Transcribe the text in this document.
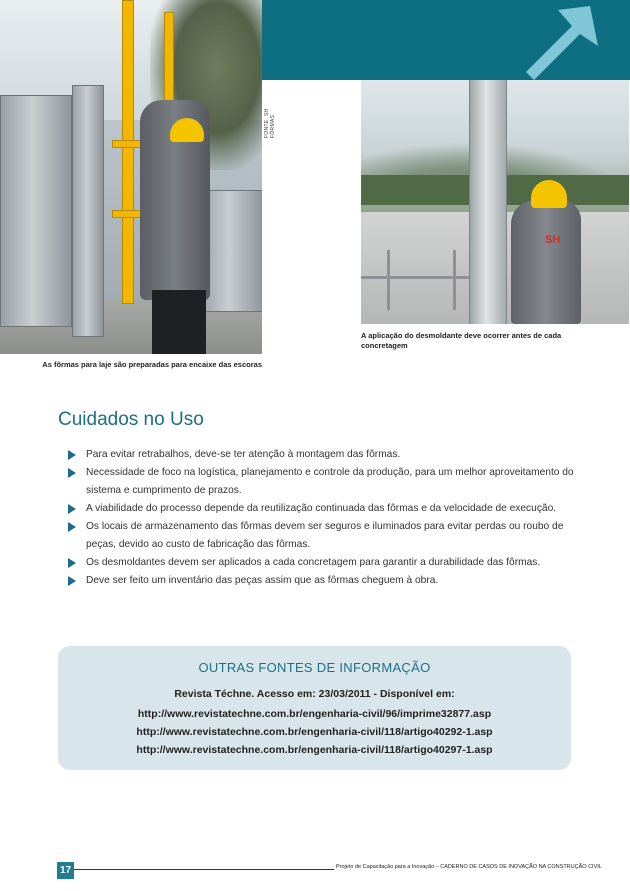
FONTE: SH FÔRMAS
SH
A aplicação do desmoldante deve ocorrer antes de cada concretagem
As fôrmas para laje são preparadas para encaixe das escoras
Cuidados no Uso
Para evitar retrabalhos, deve-se ter atenção à montagem das fôrmas.
Necessidade de foco na logística, planejamento e controle da produção, para um melhor aproveitamento do sistema e cumprimento de prazos.
A viabilidade do processo depende da reutilização continuada das fôrmas e da velocidade de execução.
Os locais de armazenamento das fôrmas devem ser seguros e iluminados para evitar perdas ou roubo de peças, devido ao custo de fabricação das fôrmas.
Os desmoldantes devem ser aplicados a cada concretagem para garantir a durabilidade das fôrmas.
Deve ser feito um inventário das peças assim que as fôrmas cheguem à obra.
OUTRAS FONTES DE INFORMAÇÃO
Revista Téchne. Acesso em: 23/03/2011 - Disponível em:
http://www.revistatechne.com.br/engenharia-civil/96/imprime32877.asp
http://www.revistatechne.com.br/engenharia-civil/118/artigo40292-1.asp
http://www.revistatechne.com.br/engenharia-civil/118/artigo40297-1.asp
17	Projeto de Capacitação para a Inovação – CADERNO DE CASOS DE INOVAÇÃO NA CONSTRUÇÃO CIVIL
